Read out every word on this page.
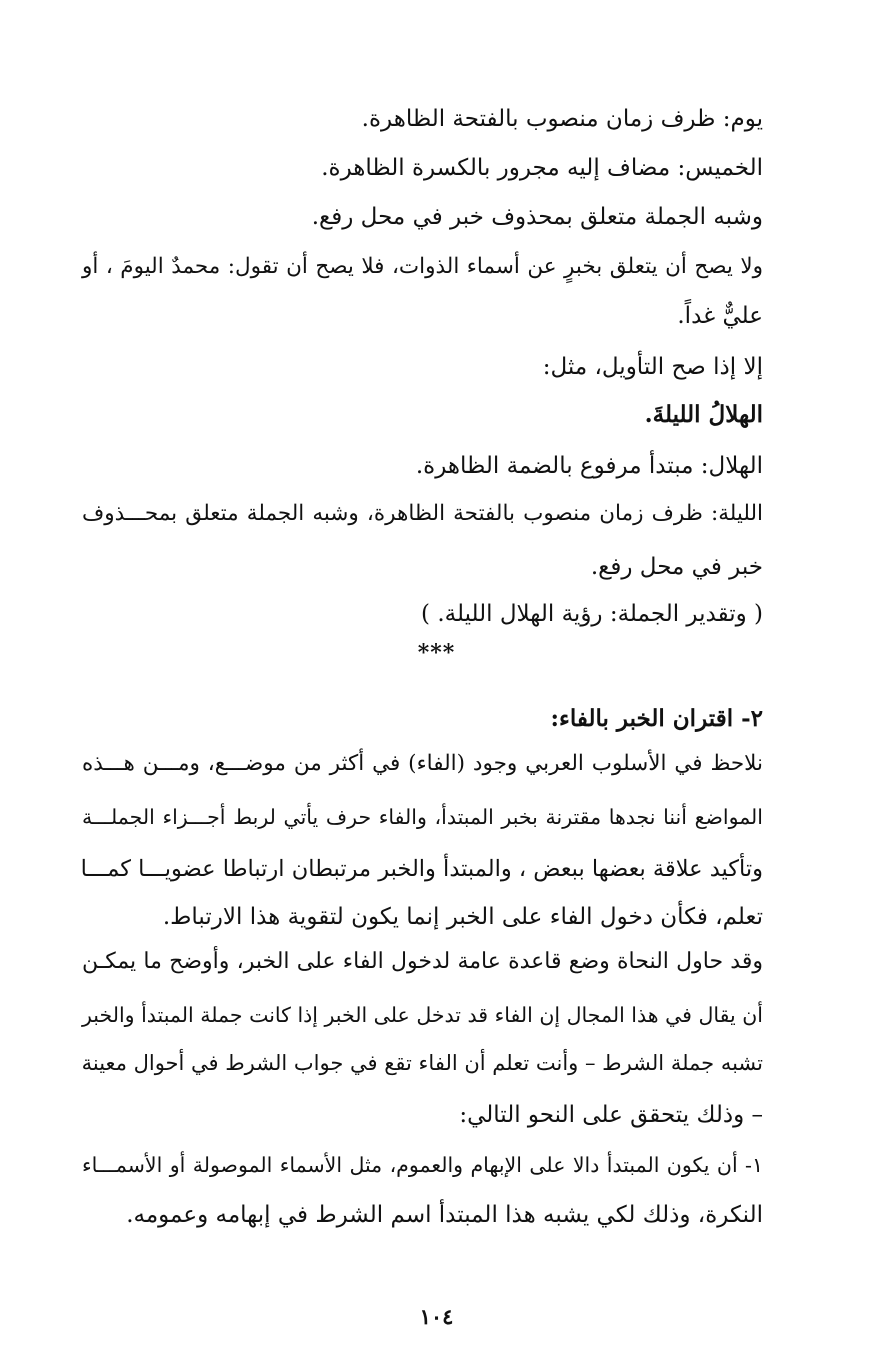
يوم: ظرف زمان منصوب بالفتحة الظاهرة.
الخميس: مضاف إليه مجرور بالكسرة الظاهرة.
وشبه الجملة متعلق بمحذوف خبر في محل رفع.
ولا يصح أن يتعلق بخبرٍ عن أسماء الذوات، فلا يصح أن تقول: محمدٌ اليومَ ، أو
عليٌّ غداً.
إلا إذا صح التأويل، مثل:
الهلالُ الليلةَ.
الهلال: مبتدأ مرفوع بالضمة الظاهرة.
الليلة: ظرف زمان منصوب بالفتحة الظاهرة، وشبه الجملة متعلق بمحـــذوف
خبر في محل رفع.
( وتقدير الجملة: رؤية الهلال الليلة. )
***
٢- اقتران الخبر بالفاء:
نلاحظ في الأسلوب العربي وجود (الفاء) في أكثر من موضـــع، ومـــن هـــذه
المواضع أننا نجدها مقترنة بخبر المبتدأ، والفاء حرف يأتي لربط أجـــزاء الجملـــة
وتأكيد علاقة بعضها ببعض ، والمبتدأ والخبر مرتبطان ارتباطا عضويـــا كمـــا
تعلم، فكأن دخول الفاء على الخبر إنما يكون لتقوية هذا الارتباط.
وقد حاول النحاة وضع قاعدة عامة لدخول الفاء على الخبر، وأوضح ما يمكـن
أن يقال في هذا المجال إن الفاء قد تدخل على الخبر إذا كانت جملة المبتدأ والخبر
تشبه جملة الشرط – وأنت تعلم أن الفاء تقع في جواب الشرط في أحوال معينة
– وذلك يتحقق على النحو التالي:
١- أن يكون المبتدأ دالا على الإبهام والعموم، مثل الأسماء الموصولة أو الأسمـــاء
النكرة، وذلك لكي يشبه هذا المبتدأ اسم الشرط في إبهامه وعمومه.
١٠٤
